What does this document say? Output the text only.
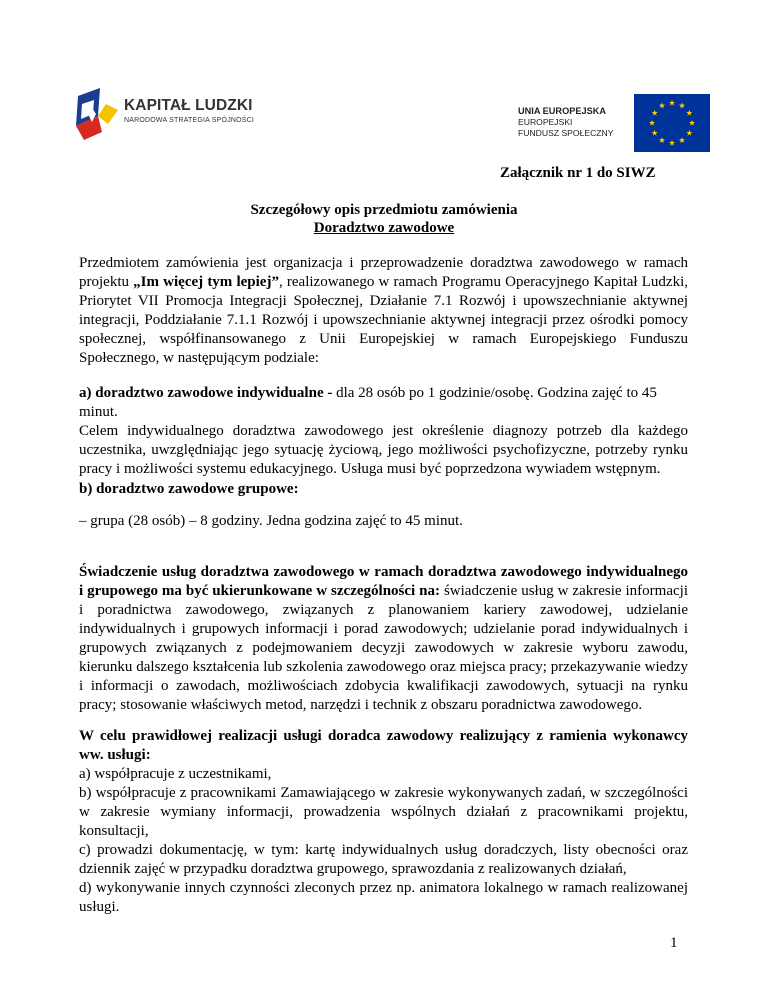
KAPITAŁ LUDZKI
NARODOWA STRATEGIA SPÓJNOŚCI
UNIA EUROPEJSKA
EUROPEJSKI
FUNDUSZ SPOŁECZNY
Załącznik nr 1 do SIWZ
Szczegółowy opis przedmiotu zamówienia
Doradztwo zawodowe
Przedmiotem zamówienia jest organizacja i przeprowadzenie doradztwa zawodowego w ramach projektu „Im więcej tym lepiej”, realizowanego w ramach Programu Operacyjnego Kapitał Ludzki, Priorytet VII Promocja Integracji Społecznej, Działanie 7.1 Rozwój i upowszechnianie aktywnej integracji, Poddziałanie 7.1.1 Rozwój i upowszechnianie aktywnej integracji przez ośrodki pomocy społecznej, współfinansowanego z Unii Europejskiej w ramach Europejskiego Funduszu Społecznego, w następującym podziale:

a) doradztwo zawodowe indywidualne - dla 28 osób po 1 godzinie/osobę. Godzina zajęć to 45 minut.

Celem indywidualnego doradztwa zawodowego jest określenie diagnozy potrzeb dla każdego uczestnika, uwzględniając jego sytuację życiową, jego możliwości psychofizyczne, potrzeby rynku pracy i możliwości systemu edukacyjnego. Usługa musi być poprzedzona wywiadem wstępnym.

b) doradztwo zawodowe grupowe:
– grupa (28 osób) – 8 godziny. Jedna godzina zajęć to 45 minut.
Świadczenie usług doradztwa zawodowego w ramach doradztwa zawodowego indywidualnego i grupowego ma być ukierunkowane w szczególności na: świadczenie usług w zakresie informacji i poradnictwa zawodowego, związanych z planowaniem kariery zawodowej, udzielanie indywidualnych i grupowych informacji i porad zawodowych; udzielanie porad indywidualnych i grupowych związanych z podejmowaniem decyzji zawodowych w zakresie wyboru zawodu, kierunku dalszego kształcenia lub szkolenia zawodowego oraz miejsca pracy; przekazywanie wiedzy i informacji o zawodach, możliwościach zdobycia kwalifikacji zawodowych, sytuacji na rynku pracy; stosowanie właściwych metod, narzędzi i technik z obszaru poradnictwa zawodowego.

W celu prawidłowej realizacji usługi doradca zawodowy realizujący z ramienia wykonawcy ww. usługi:

a) współpracuje z uczestnikami,

b) współpracuje z pracownikami Zamawiającego w zakresie wykonywanych zadań, w szczególności w zakresie wymiany informacji, prowadzenia wspólnych działań z pracownikami projektu, konsultacji,

c) prowadzi dokumentację, w tym: kartę indywidualnych usług doradczych, listy obecności oraz dziennik zajęć w przypadku doradztwa grupowego, sprawozdania z realizowanych działań,

d) wykonywanie innych czynności zleconych przez np. animatora lokalnego w ramach realizowanej usługi.

1
